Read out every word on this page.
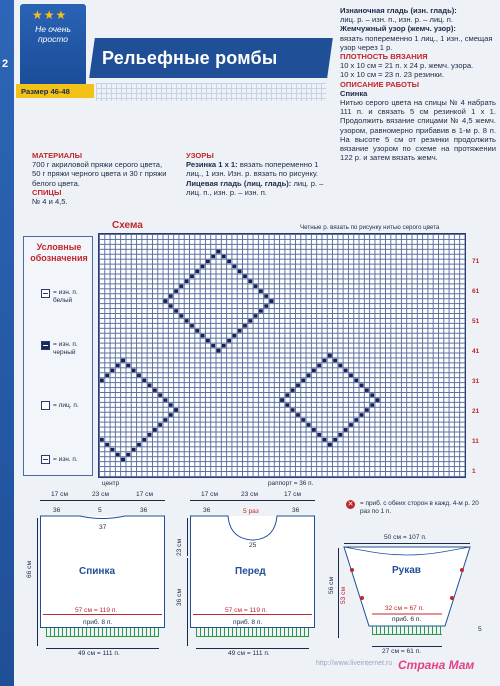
2
★★★
Не очень просто
Размер 46-48
Рельефные ромбы
Изнаночная гладь (изн. гладь):
лиц. р. – изн. п., изн. р. – лиц. п.
Жемчужный узор (жемч. узор):
вязать попеременно 1 лиц., 1 изн., смещая узор через 1 р.
ПЛОТНОСТЬ ВЯЗАНИЯ
10 х 10 см = 21 п. х 24 р. жемч. узора.
10 х 10 см = 23 п. 23 резинки.
ОПИСАНИЕ РАБОТЫ
Спинка
Нитью серого цвета на спицы № 4 набрать 111 п. и связать 5 см резинкой 1 х 1. Продолжить вязание спицами № 4,5 жемч. узором, равномерно прибавив в 1-м р. 8 п. На высоте 5 см от резинки продолжить вязание узором по схеме на протяжении 122 р. и затем вязать жемч.
МАТЕРИАЛЫ
700 г акриловой пряжи серого цвета, 50 г пряжи черного цвета и 30 г пряжи белого цвета.
СПИЦЫ
№ 4 и 4,5.
УЗОРЫ
Резинка 1 х 1: вязать попеременно 1 лиц., 1 изн. Изн. р. вязать по рисунку.
Лицевая гладь (лиц. гладь): лиц. р. – лиц. п., изн. р. – изн. п.
Схема	Четные р. вязать по рисунку нитью серого цвета
71
61
51
41
31
21
11
1
центр	раппорт = 36 п.
Условные обозначения
= изн. п. белый
= изн. п. черный
= лиц. п.
= изн. п.
17 см	23 см	17 см
36	5	36
37
Спинка
57 см = 119 п.
приб. 8 п.
66 см
49 см = 111 п.
17 см	23 см	17 см
36	36
5 раз
25
Перед
57 см = 119 п.
приб. 8 п.
23 см
36 см
49 см = 111 п.
✕ = приб. с обеих сторон в кажд. 4-м р. 20 раз по 1 п.
50 см = 107 п.
Рукав
32 см = 67 п.
приб. 6 п.
27 см = 61 п.
56 см
53 см
5
http://www.liveinternet.ru Страна Мам
